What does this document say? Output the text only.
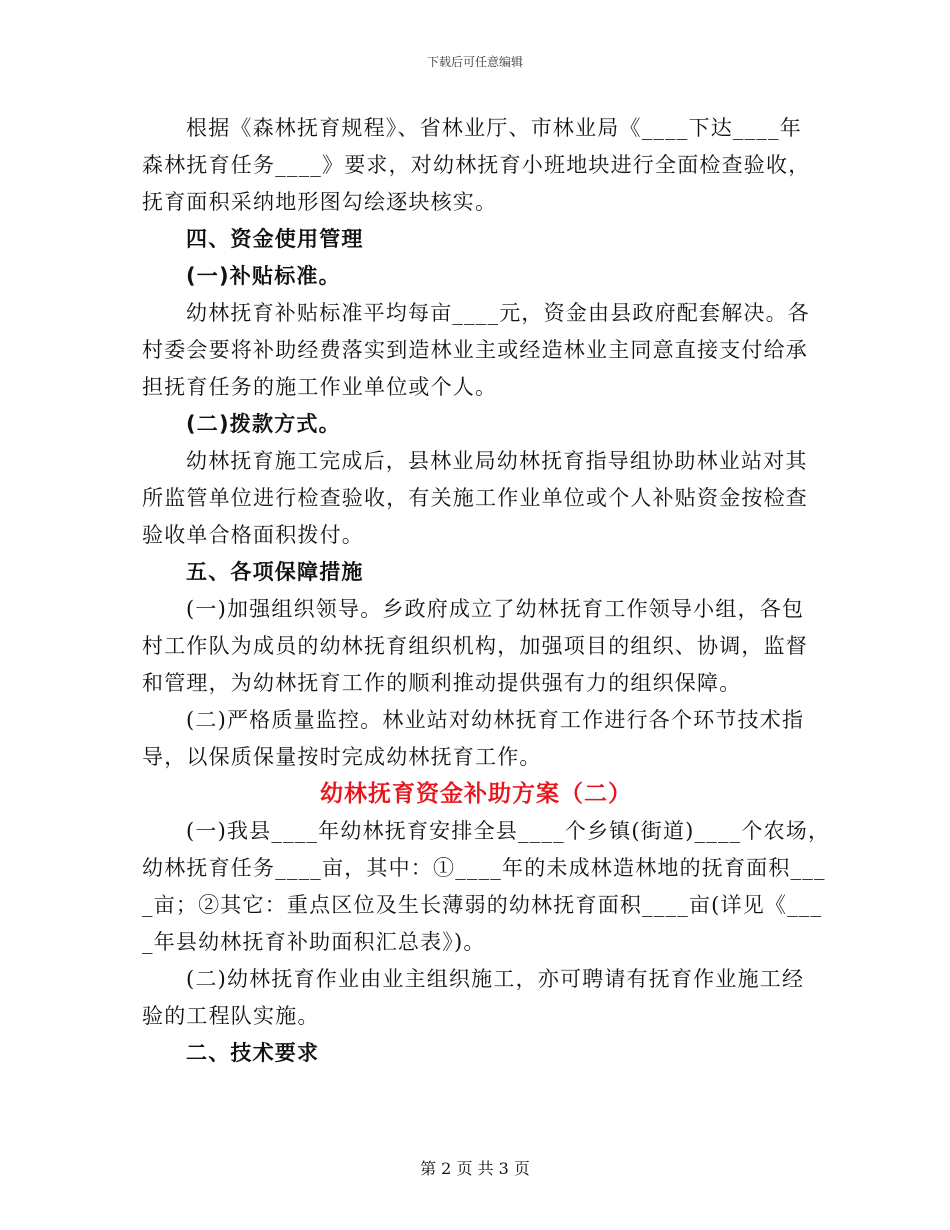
下载后可任意编辑
根据《森林抚育规程》、省林业厅、市林业局《____下达____年
森林抚育任务____》要求，对幼林抚育小班地块进行全面检查验收，
抚育面积采纳地形图勾绘逐块核实。
四、资金使用管理
(一)补贴标准。
幼林抚育补贴标准平均每亩____元，资金由县政府配套解决。各
村委会要将补助经费落实到造林业主或经造林业主同意直接支付给承
担抚育任务的施工作业单位或个人。
(二)拨款方式。
幼林抚育施工完成后，县林业局幼林抚育指导组协助林业站对其
所监管单位进行检查验收，有关施工作业单位或个人补贴资金按检查
验收单合格面积拨付。
五、各项保障措施
(一)加强组织领导。乡政府成立了幼林抚育工作领导小组，各包
村工作队为成员的幼林抚育组织机构，加强项目的组织、协调，监督
和管理，为幼林抚育工作的顺利推动提供强有力的组织保障。
(二)严格质量监控。林业站对幼林抚育工作进行各个环节技术指
导，以保质保量按时完成幼林抚育工作。
幼林抚育资金补助方案（二）
(一)我县____年幼林抚育安排全县____个乡镇(街道)____个农场，
幼林抚育任务____亩，其中：①____年的未成林造林地的抚育面积___
_亩；②其它：重点区位及生长薄弱的幼林抚育面积____亩(详见《___
_年县幼林抚育补助面积汇总表》)。
(二)幼林抚育作业由业主组织施工，亦可聘请有抚育作业施工经
验的工程队实施。
二、技术要求
第 2 页 共 3 页
